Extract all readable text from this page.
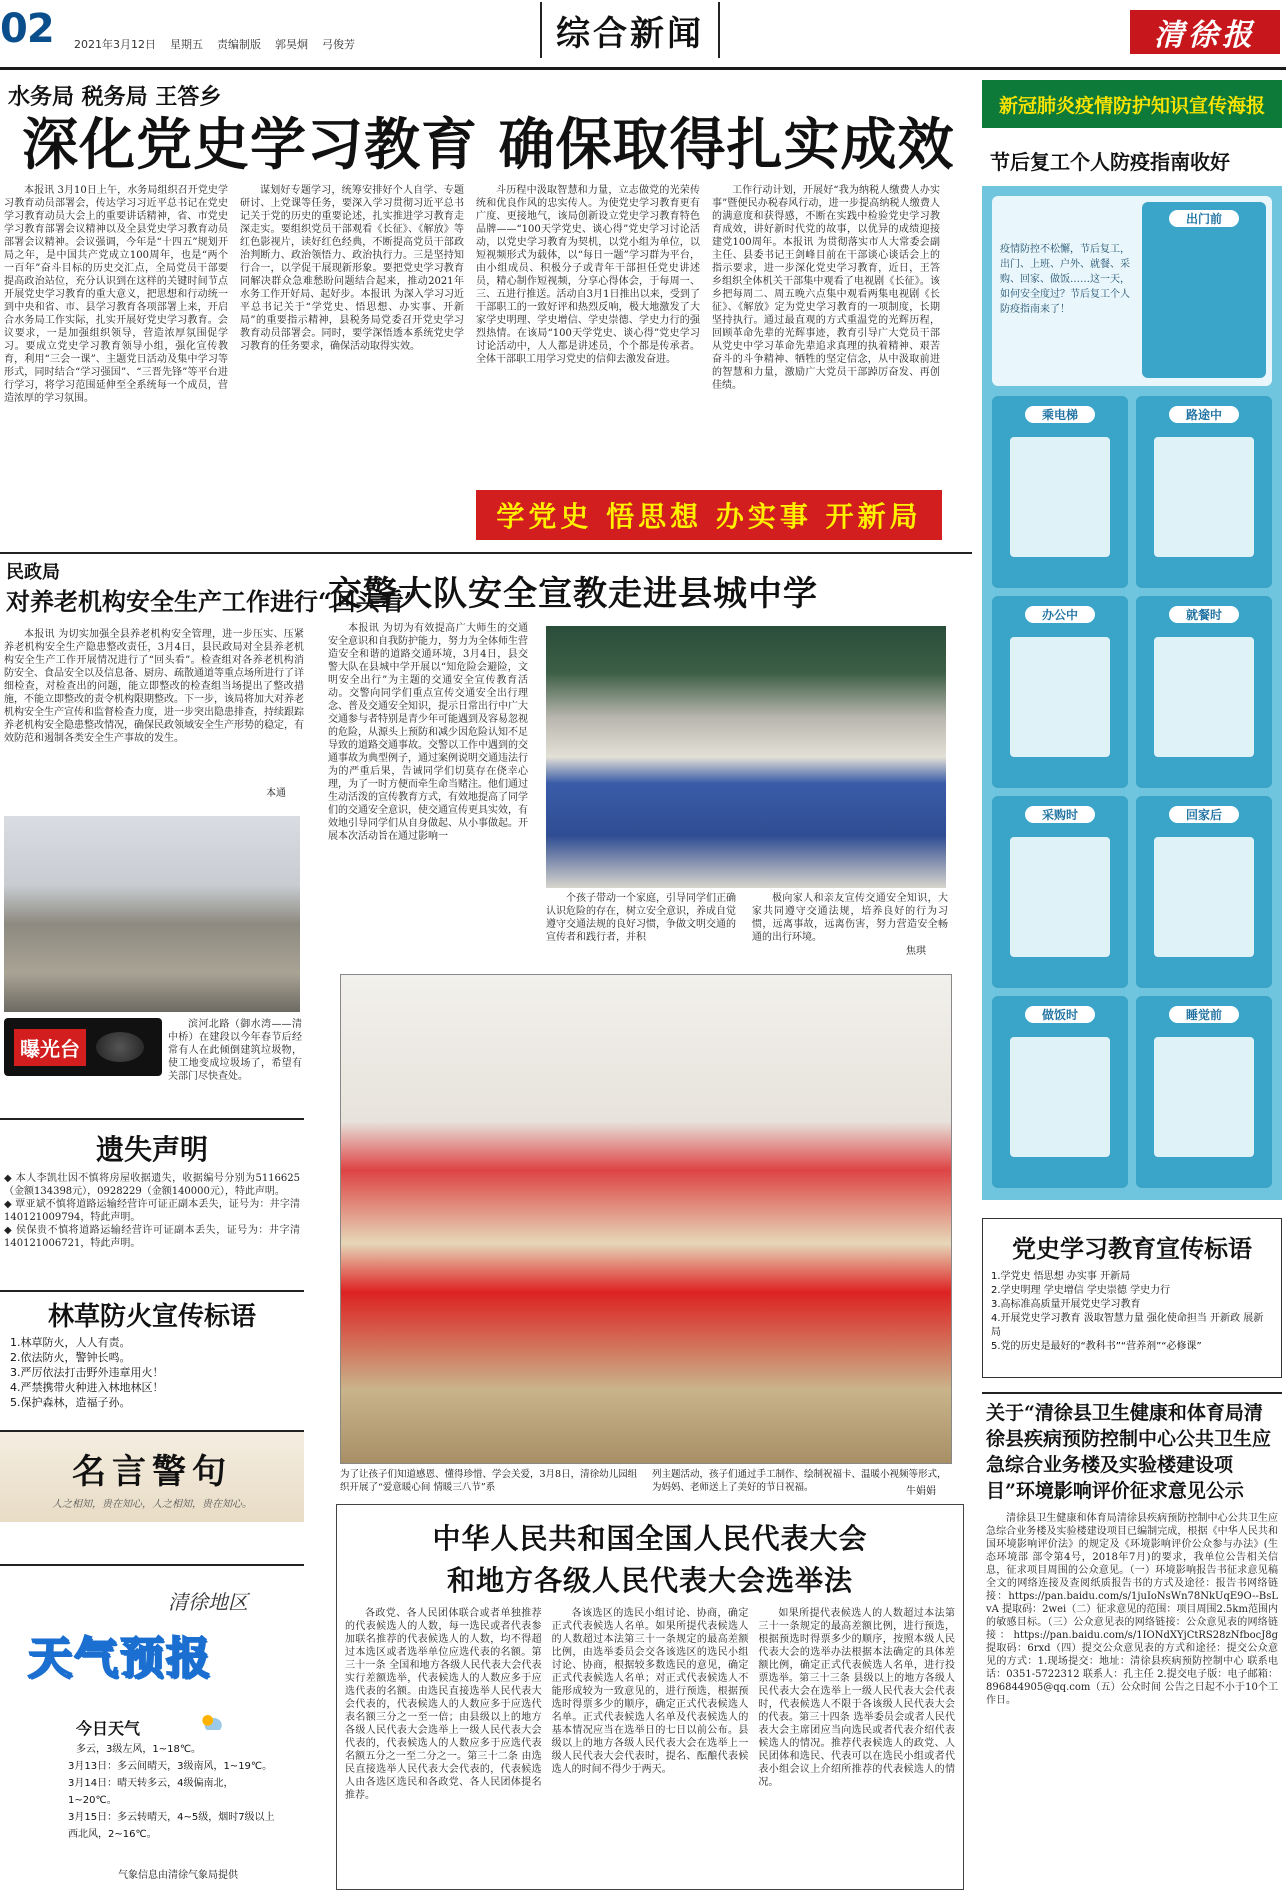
02 2021年3月12日 星期五 责编制版 郭昊炯 弓俊芳	综合新闻	清徐报
水务局 税务局 王答乡
深化党史学习教育 确保取得扎实成效

本报讯 3月10日上午，水务局组织召开党史学习教育动员部署会，传达学习习近平总书记在党史学习教育动员大会上的重要讲话精神，省、市党史学习教育部署会议精神以及全县党史学习教育动员部署会议精神。会议强调，今年是“十四五”规划开局之年，是中国共产党成立100周年，也是“两个一百年”奋斗目标的历史交汇点，全局党员干部要提高政治站位，充分认识到在这样的关键时间节点开展党史学习教育的重大意义，把思想和行动统一到中央和省、市、县学习教育各项部署上来，开启合水务局工作实际，扎实开展好党史学习教育。会议要求，一是加强组织领导，营造浓厚氛围促学习。要成立党史学习教育领导小组，强化宣传教育，利用“三会一课”、主题党日活动及集中学习等形式，同时结合“学习强国”、“三晋先锋”等平台进行学习，将学习范围延伸至全系统每一个成员，营造浓厚的学习氛围。

谋划好专题学习，统筹安排好个人自学、专题研讨、上党课等任务，要深入学习贯彻习近平总书记关于党的历史的重要论述，扎实推进学习教育走深走实。要组织党员干部观看《长征》、《解放》等红色影视片，读好红色经典，不断提高党员干部政治判断力、政治领悟力、政治执行力。三是坚持知行合一，以学促干展现新形象。要把党史学习教育同解决群众急难愁盼问题结合起来，推动2021年水务工作开好局、起好步。本报讯 为深入学习习近平总书记关于“学党史、悟思想、办实事、开新局”的重要指示精神，县税务局党委召开党史学习教育动员部署会。同时，要学深悟透本系统党史学习教育的任务要求，确保活动取得实效。

斗历程中汲取智慧和力量，立志做党的光荣传统和优良作风的忠实传人。为使党史学习教育更有广度、更接地气，该局创新设立党史学习教育特色品牌——“100天学党史、谈心得”党史学习讨论活动，以党史学习教育为契机，以党小组为单位，以短视频形式为载体，以“每日一题”学习群为平台，由小组成员、积极分子或青年干部担任党史讲述员，精心制作短视频，分享心得体会，于每周一、三、五进行推送。活动自3月1日推出以来，受到了干部职工的一致好评和热烈反响，极大地激发了大家学史明理、学史增信、学史崇德、学史力行的强烈热情。在该局“100天学党史、谈心得”党史学习讨论活动中，人人都是讲述员，个个都是传承者。全体干部职工用学习党史的信仰去激发奋进。

工作行动计划，开展好“我为纳税人缴费人办实事”暨便民办税春风行动，进一步提高纳税人缴费人的满意度和获得感，不断在实践中检验党史学习教育成效，讲好新时代党的故事，以优异的成绩迎接建党100周年。本报讯 为贯彻落实市人大常委会副主任、县委书记王剑峰目前在干部谈心谈话会上的指示要求，进一步深化党史学习教育，近日，王答乡组织全体机关干部集中观看了电视剧《长征》。该乡把每周二、周五晚六点集中观看两集电视剧《长征》、《解放》定为党史学习教育的一项制度，长期坚持执行。通过最直观的方式重温党的光辉历程，回顾革命先辈的光辉事迹，教育引导广大党员干部从党史中学习革命先辈追求真理的执着精神、艰苦奋斗的斗争精神、牺牲的坚定信念，从中汲取前进的智慧和力量，激励广大党员干部踔厉奋发、再创佳绩。

学党史 悟思想 办实事 开新局
民政局
对养老机构安全生产工作进行“回头看”

本报讯 为切实加强全县养老机构安全管理，进一步压实、压紧养老机构安全生产隐患整改责任，3月4日，县民政局对全县养老机构安全生产工作开展情况进行了“回头看”。检查组对各养老机构消防安全、食品安全以及信息备、厨房、疏散通道等重点场所进行了详细检查，对检查出的问题，能立即整改的检查组当场提出了整改措施，不能立即整改的责令机构限期整改。下一步，该局将加大对养老机构安全生产宣传和监督检查力度，进一步突出隐患排查，持续跟踪养老机构安全隐患整改情况，确保民政领域安全生产形势的稳定，有效防范和遏制各类安全生产事故的发生。

本通
曝光台

滨河北路（御水湾——清中桥）在建段以今年春节后经常有人在此倾倒建筑垃圾物，使工地变成垃圾场了，希望有关部门尽快查处。

遗失声明
◆ 本人李凯壮因不慎将房屋收据遗失，收据编号分别为5116625（金额134398元），0928229（金额140000元），特此声明。
◆ 覃亚斌不慎将道路运输经营许可证正副本丢失，证号为：井字清140121009794，特此声明。
◆ 侯保贵不慎将道路运输经营许可证副本丢失，证号为：井字清140121006721，特此声明。
林草防火宣传标语
1.林草防火，人人有责。
2.依法防火，警钟长鸣。
3.严厉依法打击野外违章用火！
4.严禁携带火种进入林地林区！
5.保护森林，造福子孙。
名言警句
人之相知，贵在知心，人之相知，贵在知心。
清徐地区
天气预报
今日天气
多云，3级左风，1~18℃。
3月13日：多云间晴天，3级南风，1~19℃。
3月14日：晴天转多云，4级偏南北，1~20℃。
3月15日：多云转晴天，4~5级，烟时7级以上西北风，2~16℃。
气象信息由清徐气象局提供
交警大队安全宣教走进县城中学

本报讯 为切为有效提高广大师生的交通安全意识和自我防护能力，努力为全体师生营造安全和谐的道路交通环境，3月4日，县交警大队在县城中学开展以“知危险会避险，文明安全出行”为主题的交通安全宣传教育活动。交警向同学们重点宣传交通安全出行理念、普及交通安全知识，提示日常出行中广大交通参与者特别是青少年可能遇到及容易忽视的危险，从源头上预防和减少因危险认知不足导致的道路交通事故。交警以工作中遇到的交通事故为典型例子，通过案例说明交通违法行为的严重后果，告诫同学们切莫存在侥幸心理，为了一时方便而牵生命当赌注。他们通过生动活泼的宣传教育方式，有效地提高了同学们的交通安全意识，使交通宣传更具实效，有效地引导同学们从自身做起、从小事做起。开展本次活动旨在通过影响一

个孩子带动一个家庭，引导同学们正确认识危险的存在，树立安全意识，养成自觉遵守交通法规的良好习惯，争做文明交通的宣传者和践行者，并积

极向家人和亲友宣传交通安全知识，大家共同遵守交通法规，培养良好的行为习惯，远离事故，远离伤害，努力营造安全畅通的出行环境。

焦琪
为了让孩子们知道感恩、懂得珍惜、学会关爱，3月8日，清徐幼儿园组织开展了“爱意暖心间 情暖三八节”系
列主题活动，孩子们通过手工制作、绘制祝福卡、温暖小视频等形式，为妈妈、老师送上了美好的节日祝福。	牛娟娟
中华人民共和国全国人民代表大会
和地方各级人民代表大会选举法

各政党、各人民团体联合或者单独推荐的代表候选人的人数，每一选民或者代表参加联名推荐的代表候选人的人数，均不得超过本选区或者选举单位应选代表的名额。第三十一条 全国和地方各级人民代表大会代表实行差额选举，代表候选人的人数应多于应选代表的名额。由选民直接选举人民代表大会代表的，代表候选人的人数应多于应选代表名额三分之一至一倍；由县级以上的地方各级人民代表大会选举上一级人民代表大会代表的，代表候选人的人数应多于应选代表名额五分之一至二分之一。第三十二条 由选民直接选举人民代表大会代表的，代表候选人由各选区选民和各政党、各人民团体提名推荐。

各该选区的选民小组讨论、协商，确定正式代表候选人名单。如果所提代表候选人的人数超过本法第三十一条规定的最高差额比例，由选举委员会交各该选区的选民小组讨论、协商，根据较多数选民的意见，确定正式代表候选人名单；对正式代表候选人不能形成较为一致意见的，进行预选，根据预选时得票多少的顺序，确定正式代表候选人名单。正式代表候选人名单及代表候选人的基本情况应当在选举日的七日以前公布。县级以上的地方各级人民代表大会在选举上一级人民代表大会代表时，提名、酝酿代表候选人的时间不得少于两天。

如果所提代表候选人的人数超过本法第三十一条规定的最高差额比例，进行预选，根据预选时得票多少的顺序，按照本级人民代表大会的选举办法根据本法确定的具体差额比例，确定正式代表候选人名单，进行投票选举。第三十三条 县级以上的地方各级人民代表大会在选举上一级人民代表大会代表时，代表候选人不限于各该级人民代表大会的代表。第三十四条 选举委员会或者人民代表大会主席团应当向选民或者代表介绍代表候选人的情况。推荐代表候选人的政党、人民团体和选民、代表可以在选民小组或者代表小组会议上介绍所推荐的代表候选人的情况。

新冠肺炎疫情防护知识宣传海报
节后复工个人防疫指南收好
疫情防控不松懈，节后复工，出门、上班、户外、就餐、采购、回家、做饭……这一天，如何安全度过？节后复工个人防疫指南来了！
出门前
乘电梯	路途中
办公中	就餐时
采购时	回家后
做饭时	睡觉前
党史学习教育宣传标语
1.学党史 悟思想 办实事 开新局
2.学史明理 学史增信 学史崇德 学史力行
3.高标准高质量开展党史学习教育
4.开展党史学习教育 汲取智慧力量 强化使命担当 开新政 展新局
5.党的历史是最好的“教科书”“营养剂”“必修课”
关于“清徐县卫生健康和体育局清徐县疾病预防控制中心公共卫生应急综合业务楼及实验楼建设项目”环境影响评价征求意见公示

清徐县卫生健康和体育局清徐县疾病预防控制中心公共卫生应急综合业务楼及实验楼建设项目已编制完成，根据《中华人民共和国环境影响评价法》的规定及《环境影响评价公众参与办法》(生态环境部 部令第4号，2018年7月)的要求，我单位公告相关信息，征求项目周围的公众意见。（一）环境影响报告书征求意见稿全文的网络连接及查阅纸质报告书的方式及途径：报告书网络链接：https://pan.baidu.com/s/1juIoNsWn78NkUqE9O--BsLvA 提取码：2wei（二）征求意见的范围：项目周围2.5km范围内的敏感目标。（三）公众意见表的网络链接：公众意见表的网络链接：https://pan.baidu.com/s/1IONdXYjCtRS28zNfbocJ8g 提取码：6rxd（四）提交公众意见表的方式和途径：提交公众意见的方式：1.现场提交：地址：清徐县疾病预防控制中心 联系电话：0351-5722312 联系人：孔主任 2.提交电子版：电子邮箱：896844905@qq.com（五）公众时间 公告之日起不小于10个工作日。
